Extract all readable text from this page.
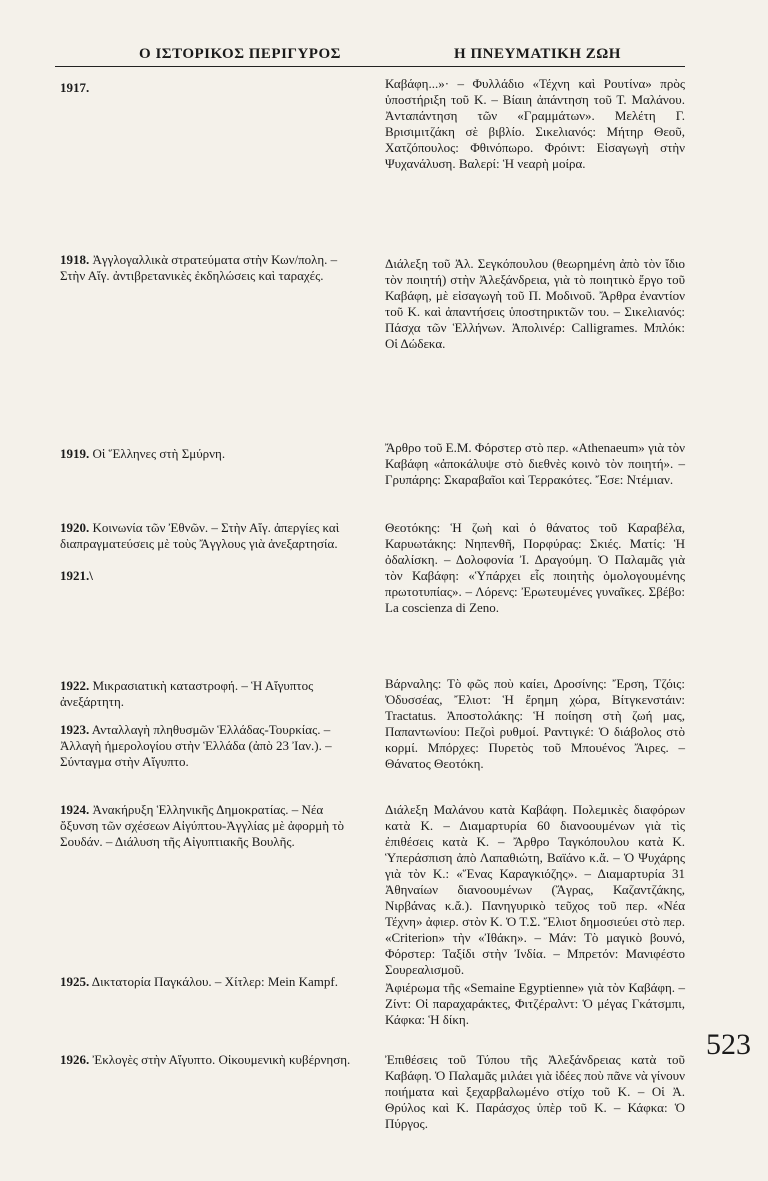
Ο ΙΣΤΟΡΙΚΟΣ ΠΕΡΙΓΥΡΟΣ	Η ΠΝΕΥΜΑΤΙΚΗ ΖΩΗ
1917.
1918. Ἀγγλογαλλικὰ στρατεύματα στὴν Κων/πολη. – Στὴν Αἴγ. ἀντιβρετανικὲς ἐκδηλώσεις καὶ ταραχές.
1919. Οἱ Ἕλληνες στὴ Σμύρνη.
1920. Κοινωνία τῶν Ἐθνῶν. – Στὴν Αἴγ. ἀπεργίες καὶ διαπραγματεύσεις μὲ τοὺς Ἄγγλους γιὰ ἀνεξαρτησία.
1921.\
1922. Μικρασιατικὴ καταστροφή. – Ἡ Αἴγυπτος ἀνεξάρτητη.
1923. Ανταλλαγὴ πληθυσμῶν Ἑλλάδας-Τουρκίας. – Ἀλλαγὴ ἡμερολογίου στὴν Ἑλλάδα (ἀπὸ 23 Ἰαν.). – Σύνταγμα στὴν Αἴγυπτο.
1924. Ἀνακήρυξη Ἑλληνικῆς Δημοκρατίας. – Νέα ὄξυνση τῶν σχέσεων Αἰγύπτου-Ἀγγλίας μὲ ἀφορμὴ τὸ Σουδάν. – Διάλυση τῆς Αἰγυπτιακῆς Βουλῆς.
1925. Δικτατορία Παγκάλου. – Χίτλερ: Mein Kampf.
1926. Ἐκλογὲς στὴν Αἴγυπτο. Οἰκουμενικὴ κυβέρνηση.
Καβάφη...»· – Φυλλάδιο «Τέχνη καὶ Ρουτίνα» πρὸς ὑποστήριξη τοῦ Κ. – Βίαιη ἀπάντηση τοῦ Τ. Μαλάνου. Ἀνταπάντηση τῶν «Γραμμάτων». Μελέτη Γ. Βρισιμιτζάκη σὲ βιβλίο. Σικελιανός: Μήτηρ Θεοῦ, Χατζόπουλος: Φθινόπωρο. Φρόιντ: Εἰσαγωγὴ στὴν Ψυχανάλυση. Βαλερί: Ἡ νεαρὴ μοίρα.
Διάλεξη τοῦ Ἀλ. Σεγκόπουλου (θεωρημένη ἀπὸ τὸν ἴδιο τὸν ποιητή) στὴν Ἀλεξάνδρεια, γιὰ τὸ ποιητικὸ ἔργο τοῦ Καβάφη, μὲ εἰσαγωγὴ τοῦ Π. Μοδινοῦ. Ἄρθρα ἐναντίον τοῦ Κ. καὶ ἀπαντήσεις ὑποστηρικτῶν του. – Σικελιανός: Πάσχα τῶν Ἑλλήνων. Ἀπολινέρ: Calligrames. Μπλόκ: Οἱ Δώδεκα.
Ἄρθρο τοῦ Ε.Μ. Φόρστερ στὸ περ. «Athenaeum» γιὰ τὸν Καβάφη «ἀποκάλυψε στὸ διεθνὲς κοινὸ τὸν ποιητή». – Γρυπάρης: Σκαραβαῖοι καὶ Τερρακότες. Ἔσε: Ντέμιαν.
Θεοτόκης: Ἡ ζωὴ καὶ ὁ θάνατος τοῦ Καραβέλα, Καρυωτάκης: Νηπενθῆ, Πορφύρας: Σκιές. Ματίς: Ἡ ὀδαλίσκη. – Δολοφονία Ἰ. Δραγούμη. Ὁ Παλαμᾶς γιὰ τὸν Καβάφη: «Ὑπάρχει εἷς ποιητὴς ὁμολογουμένης πρωτοτυπίας». – Λόρενς: Ἐρωτευμένες γυναῖκες. Σβέβο: La coscienza di Zeno.
Βάρναλης: Τὸ φῶς ποὺ καίει, Δροσίνης: Ἔρση, Τζόις: Ὀδυσσέας, Ἔλιοτ: Ἡ ἔρημη χώρα, Βίτγκενστάιν: Tractatus. Ἀποστολάκης: Ἡ ποίηση στὴ ζωή μας, Παπαντωνίου: Πεζοὶ ρυθμοί. Ραντιγκέ: Ὁ διάβολος στὸ κορμί. Μπόρχες: Πυρετὸς τοῦ Μπουένος Ἄιρες. – Θάνατος Θεοτόκη.
Διάλεξη Μαλάνου κατὰ Καβάφη. Πολεμικὲς διαφόρων κατὰ Κ. – Διαμαρτυρία 60 διανοουμένων γιὰ τὶς ἐπιθέσεις κατὰ Κ. – Ἄρθρο Ταγκόπουλου κατὰ Κ. Ὑπεράσπιση ἀπὸ Λαπαθιώτη, Βαϊάνο κ.ἄ. – Ὁ Ψυχάρης γιὰ τὸν Κ.: «Ἕνας Καραγκιόζης». – Διαμαρτυρία 31 Ἀθηναίων διανοουμένων (Ἄγρας, Καζαντζάκης, Νιρβάνας κ.ἄ.). Πανηγυρικὸ τεῦχος τοῦ περ. «Νέα Τέχνη» ἀφιερ. στὸν Κ. Ὁ Τ.Σ. Ἔλιοτ δημοσιεύει στὸ περ. «Criterion» τὴν «Ἰθάκη». – Μάν: Τὸ μαγικὸ βουνό, Φόρστερ: Ταξίδι στὴν Ἰνδία. – Μπρετόν: Μανιφέστο Σουρεαλισμοῦ.
Ἀφιέρωμα τῆς «Semaine Egyptienne» γιὰ τὸν Καβάφη. – Ζίντ: Οἱ παραχαράκτες, Φιτζέραλντ: Ὁ μέγας Γκάτσμπι, Κάφκα: Ἡ δίκη.
Ἐπιθέσεις τοῦ Τύπου τῆς Ἀλεξάνδρειας κατὰ τοῦ Καβάφη. Ὁ Παλαμᾶς μιλάει γιὰ ἰδέες ποὺ πᾶνε νὰ γίνουν ποιήματα καὶ ξεχαρβαλωμένο στίχο τοῦ Κ. – Οἱ Ἀ. Θρύλος καὶ Κ. Παράσχος ὑπὲρ τοῦ Κ. – Κάφκα: Ὁ Πύργος.
523
